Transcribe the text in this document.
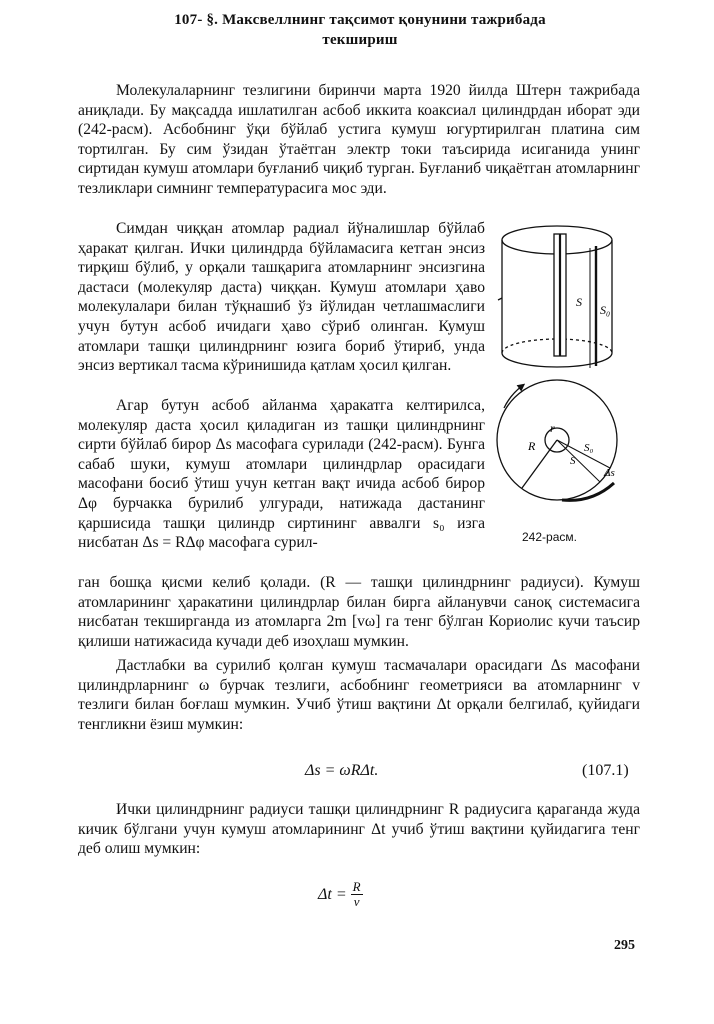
107- §. Максвеллнинг тақсимот қонунини тажрибада
текшириш

Молекулаларнинг тезлигини биринчи марта 1920 йилда Штерн тажрибада аниқлади. Бу мақсадда ишлатилган асбоб иккита коаксиал цилиндрдан иборат эди (242-расм). Асбобнинг ўқи бўйлаб устига кумуш югуртирилган платина сим тортилган. Бу сим ўзидан ўтаётган электр токи таъсирида исиганида унинг сиртидан кумуш атомлари буғланиб чиқиб турган. Буғланиб чиқаётган атомларнинг тезликлари симнинг температурасига мос эди.

Симдан чиққан атомлар радиал йўналишлар бўйлаб ҳаракат қилган. Ички цилиндрда бўйламасига кетган энсиз тирқиш бўлиб, у орқали ташқарига атомларнинг энсизгина дастаси (молекуляр даста) чиққан. Кумуш атомлари ҳаво молекулалари билан тўқнашиб ўз йўлидан четлашмаслиги учун бутун асбоб ичидаги ҳаво сўриб олинган. Кумуш атомлари ташқи цилиндрнинг юзига бориб ўтириб, унда энсиз вертикал тасма кўринишида қатлам ҳосил қилган.

Агар бутун асбоб айланма ҳаракатга келтирилса, молекуляр даста ҳосил қиладиган из ташқи цилиндрнинг сирти бўйлаб бирор Δs масофага сурилади (242-расм). Бунга сабаб шуки, кумуш атомлари цилиндрлар орасидаги масофани босиб ўтиш учун кетган вақт ичида асбоб бирор Δφ бурчакка бурилиб улгуради, натижада дастанинг қаршисида ташқи цилиндр сиртининг аввалги s₀ изга нисбатан Δs = RΔφ масофага сурил-

ган бошқа қисми келиб қолади. (R — ташқи цилиндрнинг радиуси). Кумуш атомларининг ҳаракатини цилиндрлар билан бирга айланувчи саноқ системасига нисбатан текширганда из атомларга 2m [vω] га тенг бўлган Кориолис кучи таъсир қилиши натижасида кучади деб изоҳлаш мумкин.

Дастлабки ва сурилиб қолган кумуш тасмачалари орасидаги Δs масофани цилиндрларнинг ω бурчак тезлиги, асбобнинг геометрияси ва атомларнинг v тезлиги билан боғлаш мумкин. Учиб ўтиш вақтини Δt орқали белгилаб, қуйидаги тенгликни ёзиш мумкин:

Δs = ωRΔt.	(107.1)

Ички цилиндрнинг радиуси ташқи цилиндрнинг R радиусига қараганда жуда кичик бўлгани учун кумуш атомларининг Δt учиб ўтиш вақтини қуйидагига тенг деб олиш мумкин:

$\Delta t = \frac{R}{v}$
S
S₀
r
R	S₀
S
Δs
242-расм.
295
